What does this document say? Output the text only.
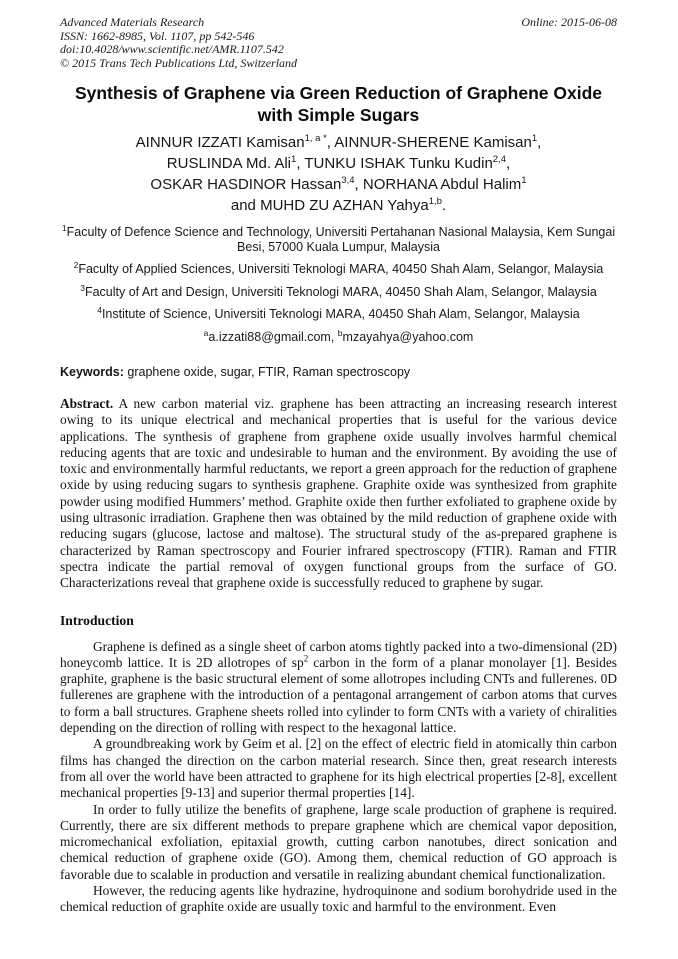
Advanced Materials Research
ISSN: 1662-8985, Vol. 1107, pp 542-546
doi:10.4028/www.scientific.net/AMR.1107.542
© 2015 Trans Tech Publications Ltd, Switzerland
Online: 2015-06-08
Synthesis of Graphene via Green Reduction of Graphene Oxide with Simple Sugars
AINNUR IZZATI Kamisan$^{1, a *}$, AINNUR-SHERENE Kamisan$^1$,
RUSLINDA Md. Ali$^1$, TUNKU ISHAK Tunku Kudin$^{2,4}$,
OSKAR HASDINOR Hassan$^{3,4}$, NORHANA Abdul Halim$^1$
and MUHD ZU AZHAN Yahya$^{1,b}$.
$^1$Faculty of Defence Science and Technology, Universiti Pertahanan Nasional Malaysia, Kem Sungai Besi, 57000 Kuala Lumpur, Malaysia
$^2$Faculty of Applied Sciences, Universiti Teknologi MARA, 40450 Shah Alam, Selangor, Malaysia
$^3$Faculty of Art and Design, Universiti Teknologi MARA, 40450 Shah Alam, Selangor, Malaysia
$^4$Institute of Science, Universiti Teknologi MARA, 40450 Shah Alam, Selangor, Malaysia
$^a$a.izzati88@gmail.com, $^b$mzayahya@yahoo.com
Keywords: graphene oxide, sugar, FTIR, Raman spectroscopy

Abstract. A new carbon material viz. graphene has been attracting an increasing research interest owing to its unique electrical and mechanical properties that is useful for the various device applications. The synthesis of graphene from graphene oxide usually involves harmful chemical reducing agents that are toxic and undesirable to human and the environment. By avoiding the use of toxic and environmentally harmful reductants, we report a green approach for the reduction of graphene oxide by using reducing sugars to synthesis graphene. Graphite oxide was synthesized from graphite powder using modified Hummers’ method. Graphite oxide then further exfoliated to graphene oxide by using ultrasonic irradiation. Graphene then was obtained by the mild reduction of graphene oxide with reducing sugars (glucose, lactose and maltose). The structural study of the as-prepared graphene is characterized by Raman spectroscopy and Fourier infrared spectroscopy (FTIR). Raman and FTIR spectra indicate the partial removal of oxygen functional groups from the surface of GO. Characterizations reveal that graphene oxide is successfully reduced to graphene by sugar.

Introduction

Graphene is defined as a single sheet of carbon atoms tightly packed into a two-dimensional (2D) honeycomb lattice. It is 2D allotropes of $sp^2$ carbon in the form of a planar monolayer [1]. Besides graphite, graphene is the basic structural element of some allotropes including CNTs and fullerenes. 0D fullerenes are graphene with the introduction of a pentagonal arrangement of carbon atoms that curves to form a ball structures. Graphene sheets rolled into cylinder to form CNTs with a variety of chiralities depending on the direction of rolling with respect to the hexagonal lattice.

A groundbreaking work by Geim et al. [2] on the effect of electric field in atomically thin carbon films has changed the direction on the carbon material research. Since then, great research interests from all over the world have been attracted to graphene for its high electrical properties [2-8], excellent mechanical properties [9-13] and superior thermal properties [14].

In order to fully utilize the benefits of graphene, large scale production of graphene is required. Currently, there are six different methods to prepare graphene which are chemical vapor deposition, micromechanical exfoliation, epitaxial growth, cutting carbon nanotubes, direct sonication and chemical reduction of graphene oxide (GO). Among them, chemical reduction of GO approach is favorable due to scalable in production and versatile in realizing abundant chemical functionalization.

However, the reducing agents like hydrazine, hydroquinone and sodium borohydride used in the chemical reduction of graphite oxide are usually toxic and harmful to the environment. Even
